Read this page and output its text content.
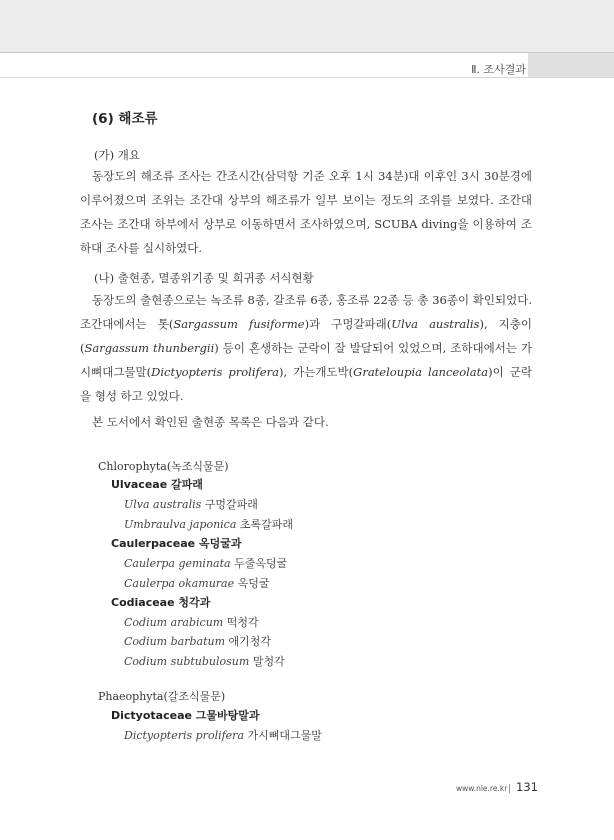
Ⅱ. 조사결과
(6) 해조류
(가) 개요

동장도의 해조류 조사는 간조시간(삼덕항 기준 오후 1시 34분)대 이후인 3시 30분경에 이루어졌으며 조위는 조간대 상부의 해조류가 일부 보이는 정도의 조위를 보였다. 조간대 조사는 조간대 하부에서 상부로 이동하면서 조사하였으며, SCUBA diving을 이용하여 조하대 조사를 실시하였다.

(나) 출현종, 멸종위기종 및 희귀종 서식현황

동장도의 출현종으로는 녹조류 8종, 갈조류 6종, 홍조류 22종 등 총 36종이 확인되었다. 조간대에서는 톳(Sargassum fusiforme)과 구멍갈파래(Ulva australis), 지충이(Sargassum thunbergii) 등이 혼생하는 군락이 잘 발달되어 있었으며, 조하대에서는 가시뼈대그물말(Dictyopteris prolifera), 가는개도박(Grateloupia lanceolata)이 군락을 형성 하고 있었다.

본 도서에서 확인된 출현종 목록은 다음과 같다.
Chlorophyta(녹조식물문)
Ulvaceae 갈파래
Ulva australis 구멍갈파래
Umbraulva japonica 초록갈파래
Caulerpaceae 옥덩굴과
Caulerpa geminata 두줄옥덩굴
Caulerpa okamurae 옥덩굴
Codiaceae 청각과
Codium arabicum 떡청각
Codium barbatum 애기청각
Codium subtubulosum 말청각
Phaeophyta(갈조식물문)
Dictyotaceae 그물바탕말과
Dictyopteris prolifera 가시뼈대그물말
www.nie.re.kr 131
